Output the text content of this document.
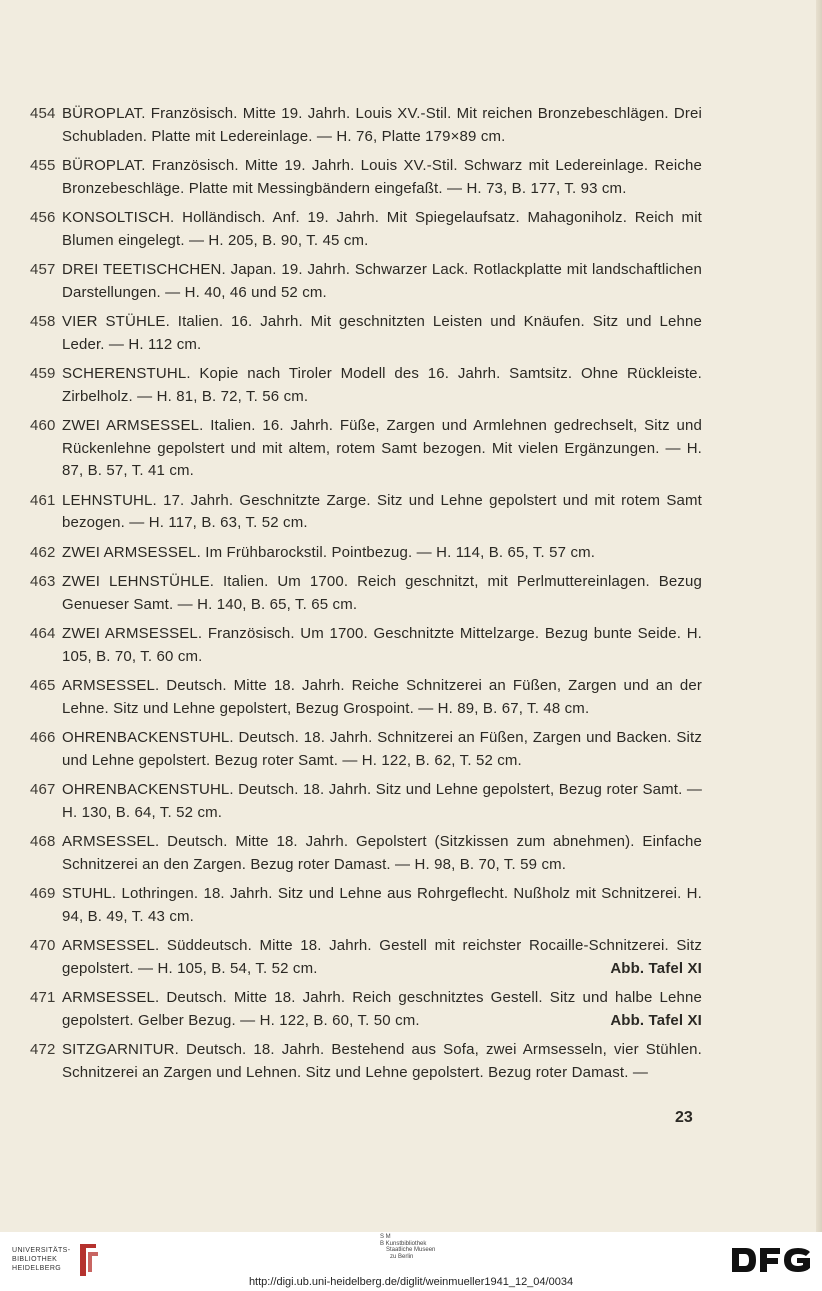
454 BÜROPLAT. Französisch. Mitte 19. Jahrh. Louis XV.-Stil. Mit reichen Bronzebeschlägen. Drei Schubladen. Platte mit Ledereinlage. — H. 76, Platte 179×89 cm.
455 BÜROPLAT. Französisch. Mitte 19. Jahrh. Louis XV.-Stil. Schwarz mit Ledereinlage. Reiche Bronzebeschläge. Platte mit Messingbändern eingefaßt. — H. 73, B. 177, T. 93 cm.
456 KONSOLTISCH. Holländisch. Anf. 19. Jahrh. Mit Spiegelaufsatz. Mahagoniholz. Reich mit Blumen eingelegt. — H. 205, B. 90, T. 45 cm.
457 DREI TEETISCHCHEN. Japan. 19. Jahrh. Schwarzer Lack. Rotlackplatte mit landschaftlichen Darstellungen. — H. 40, 46 und 52 cm.
458 VIER STÜHLE. Italien. 16. Jahrh. Mit geschnitzten Leisten und Knäufen. Sitz und Lehne Leder. — H. 112 cm.
459 SCHERENSTUHL. Kopie nach Tiroler Modell des 16. Jahrh. Samtsitz. Ohne Rückleiste. Zirbelholz. — H. 81, B. 72, T. 56 cm.
460 ZWEI ARMSESSEL. Italien. 16. Jahrh. Füße, Zargen und Armlehnen gedrechselt, Sitz und Rückenlehne gepolstert und mit altem, rotem Samt bezogen. Mit vielen Ergänzungen. — H. 87, B. 57, T. 41 cm.
461 LEHNSTUHL. 17. Jahrh. Geschnitzte Zarge. Sitz und Lehne gepolstert und mit rotem Samt bezogen. — H. 117, B. 63, T. 52 cm.
462 ZWEI ARMSESSEL. Im Frühbarockstil. Pointbezug. — H. 114, B. 65, T. 57 cm.
463 ZWEI LEHNSTÜHLE. Italien. Um 1700. Reich geschnitzt, mit Perlmuttereinlagen. Bezug Genueser Samt. — H. 140, B. 65, T. 65 cm.
464 ZWEI ARMSESSEL. Französisch. Um 1700. Geschnitzte Mittelzarge. Bezug bunte Seide. H. 105, B. 70, T. 60 cm.
465 ARMSESSEL. Deutsch. Mitte 18. Jahrh. Reiche Schnitzerei an Füßen, Zargen und an der Lehne. Sitz und Lehne gepolstert, Bezug Grospoint. — H. 89, B. 67, T. 48 cm.
466 OHRENBACKENSTUHL. Deutsch. 18. Jahrh. Schnitzerei an Füßen, Zargen und Backen. Sitz und Lehne gepolstert. Bezug roter Samt. — H. 122, B. 62, T. 52 cm.
467 OHRENBACKENSTUHL. Deutsch. 18. Jahrh. Sitz und Lehne gepolstert, Bezug roter Samt. — H. 130, B. 64, T. 52 cm.
468 ARMSESSEL. Deutsch. Mitte 18. Jahrh. Gepolstert (Sitzkissen zum abnehmen). Einfache Schnitzerei an den Zargen. Bezug roter Damast. — H. 98, B. 70, T. 59 cm.
469 STUHL. Lothringen. 18. Jahrh. Sitz und Lehne aus Rohrgeflecht. Nußholz mit Schnitzerei. H. 94, B. 49, T. 43 cm.
470 ARMSESSEL. Süddeutsch. Mitte 18. Jahrh. Gestell mit reichster Rocaille-Schnitzerei. Sitz gepolstert. — H. 105, B. 54, T. 52 cm.	Abb. Tafel XI
471 ARMSESSEL. Deutsch. Mitte 18. Jahrh. Reich geschnitztes Gestell. Sitz und halbe Lehne gepolstert. Gelber Bezug. — H. 122, B. 60, T. 50 cm.	Abb. Tafel XI
472 SITZGARNITUR. Deutsch. 18. Jahrh. Bestehend aus Sofa, zwei Armsesseln, vier Stühlen. Schnitzerei an Zargen und Lehnen. Sitz und Lehne gepolstert. Bezug roter Damast. —
23
UNIVERSITÄTS-
BIBLIOTHEK
HEIDELBERG
S M
B Kunstbibliothek
Staatliche Museen
zu Berlin
http://digi.ub.uni-heidelberg.de/diglit/weinmueller1941_12_04/0034
